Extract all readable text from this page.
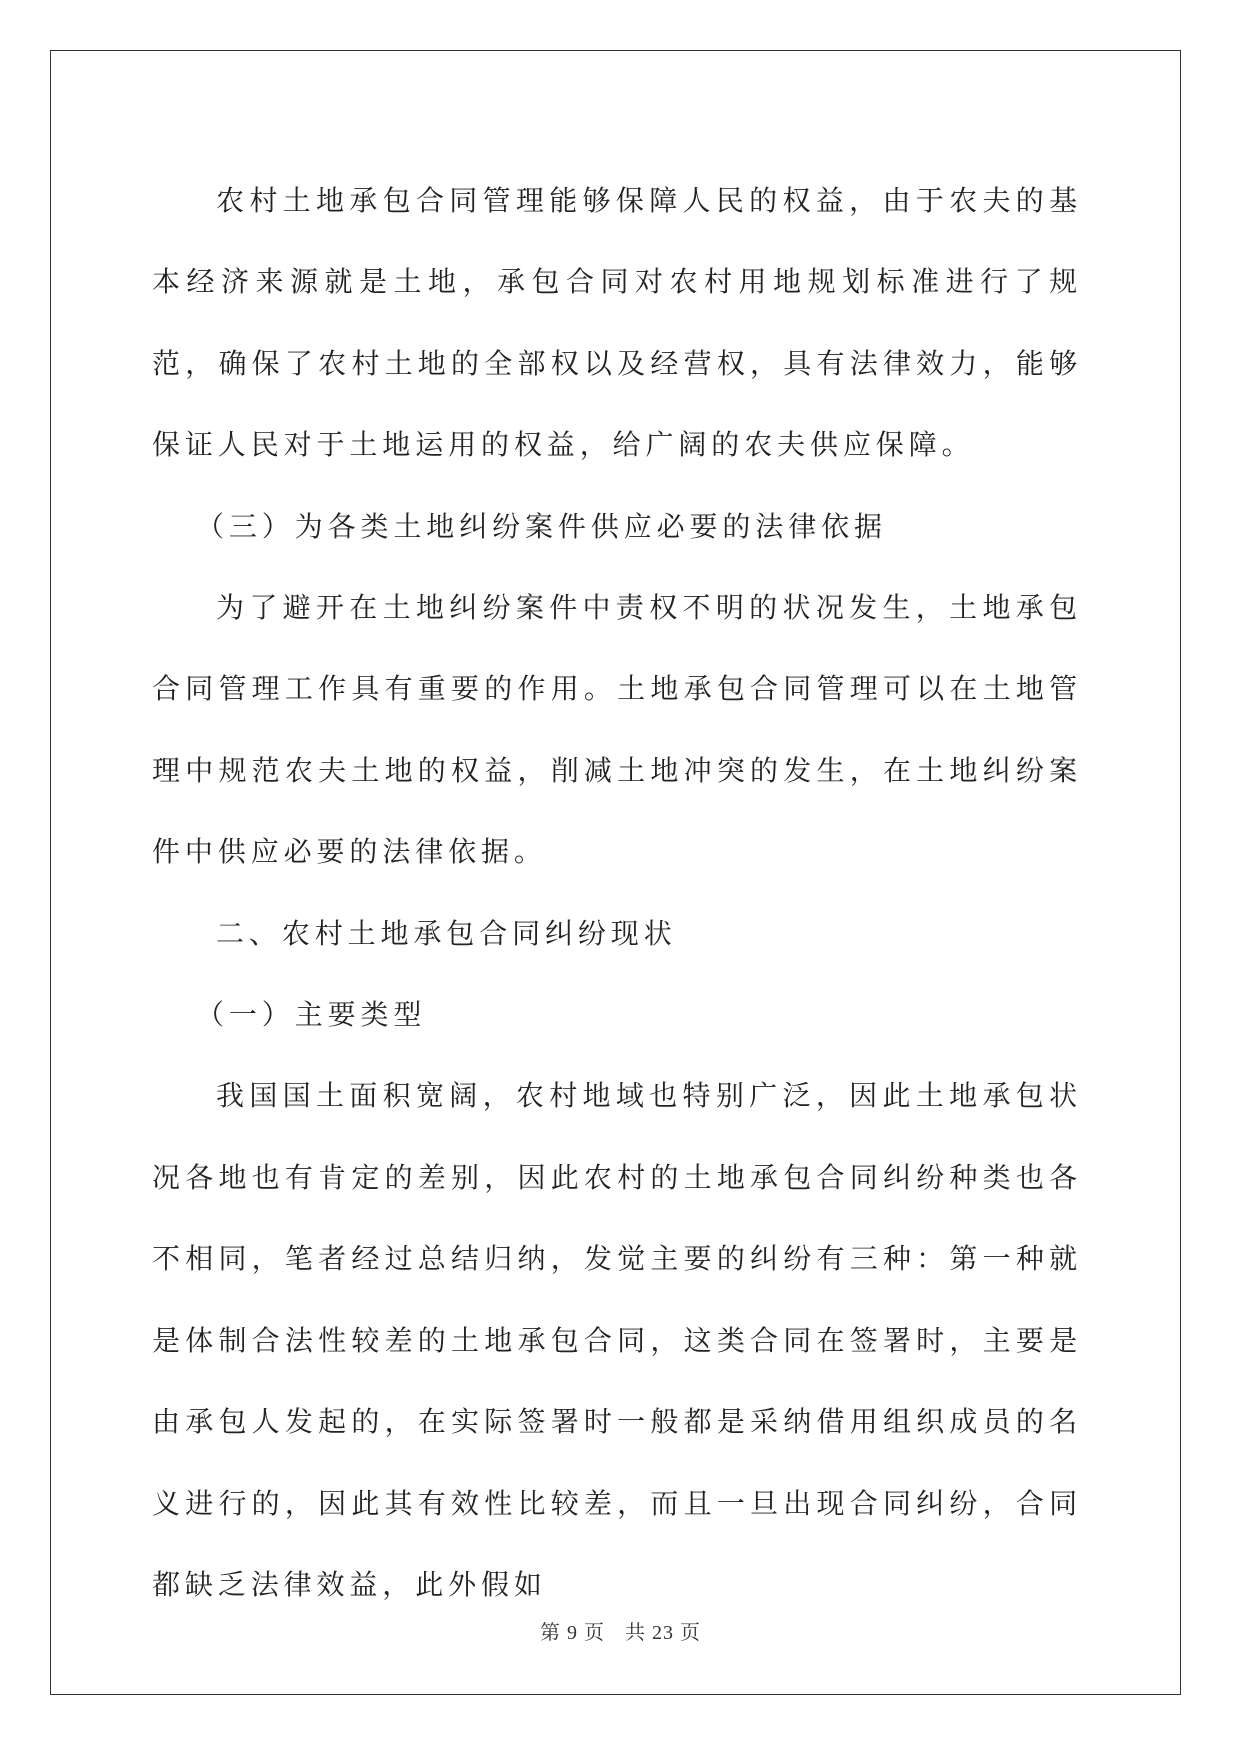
农村土地承包合同管理能够保障人民的权益，由于农夫的基本经济来源就是土地，承包合同对农村用地规划标准进行了规范，确保了农村土地的全部权以及经营权，具有法律效力，能够保证人民对于土地运用的权益，给广阔的农夫供应保障。

（三）为各类土地纠纷案件供应必要的法律依据

为了避开在土地纠纷案件中责权不明的状况发生，土地承包合同管理工作具有重要的作用。土地承包合同管理可以在土地管理中规范农夫土地的权益，削减土地冲突的发生，在土地纠纷案件中供应必要的法律依据。

二、农村土地承包合同纠纷现状

（一）主要类型

我国国土面积宽阔，农村地域也特别广泛，因此土地承包状况各地也有肯定的差别，因此农村的土地承包合同纠纷种类也各不相同，笔者经过总结归纳，发觉主要的纠纷有三种：第一种就是体制合法性较差的土地承包合同，这类合同在签署时，主要是由承包人发起的，在实际签署时一般都是采纳借用组织成员的名义进行的，因此其有效性比较差，而且一旦出现合同纠纷，合同都缺乏法律效益，此外假如

第 9 页 共 23 页
